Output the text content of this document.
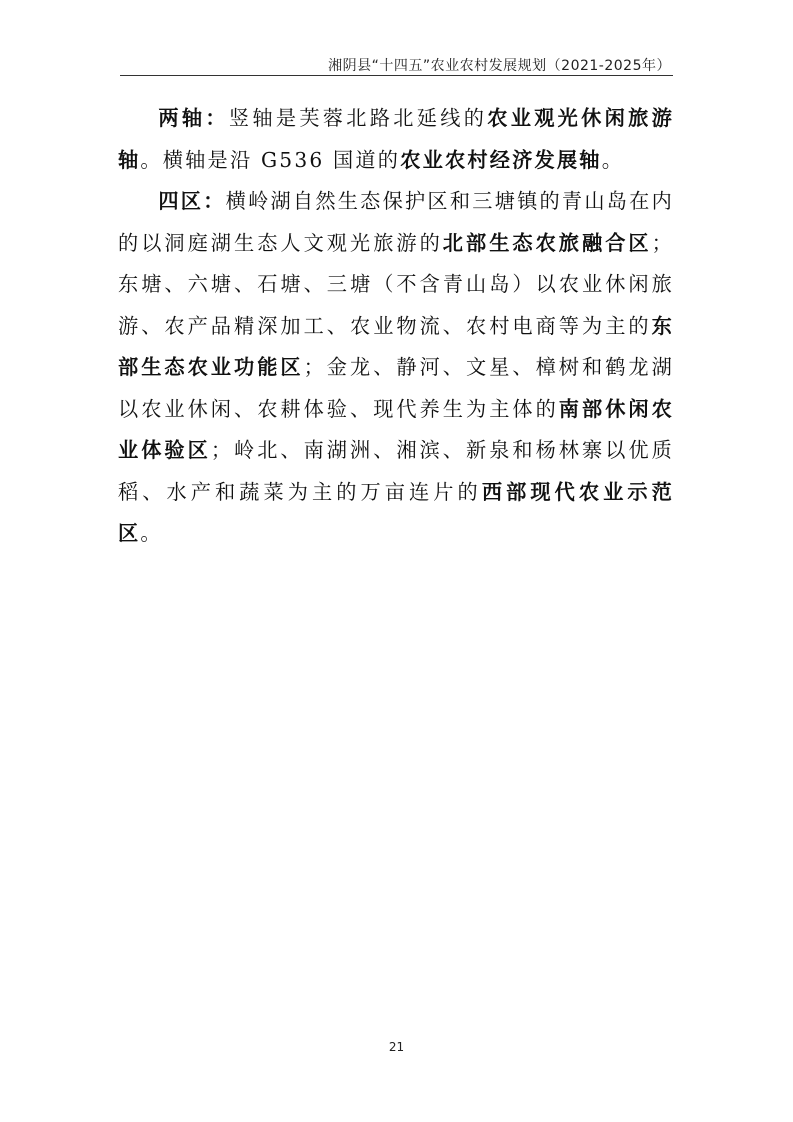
湘阴县“十四五”农业农村发展规划（2021-2025年）

两轴：竖轴是芙蓉北路北延线的农业观光休闲旅游轴。横轴是沿 G536 国道的农业农村经济发展轴。

四区：横岭湖自然生态保护区和三塘镇的青山岛在内的以洞庭湖生态人文观光旅游的北部生态农旅融合区；东塘、六塘、石塘、三塘（不含青山岛）以农业休闲旅游、农产品精深加工、农业物流、农村电商等为主的东部生态农业功能区；金龙、静河、文星、樟树和鹤龙湖以农业休闲、农耕体验、现代养生为主体的南部休闲农业体验区；岭北、南湖洲、湘滨、新泉和杨林寨以优质稻、水产和蔬菜为主的万亩连片的西部现代农业示范区。

21
